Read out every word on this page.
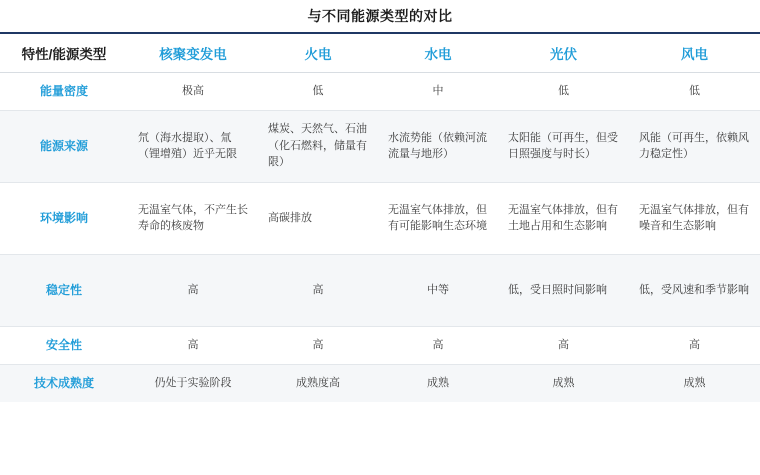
与不同能源类型的对比
特性/能源类型	核聚变发电	火电	水电	光伏	风电
能量密度	极高	低	中	低	低
能源来源	氘（海水提取）、氚（锂增殖）近乎无限	煤炭、天然气、石油（化石燃料，储量有限）	水流势能（依赖河流流量与地形）	太阳能（可再生，但受日照强度与时长）	风能（可再生，依赖风力稳定性）
环境影响	无温室气体，不产生长寿命的核废物	高碳排放	无温室气体排放，但有可能影响生态环境	无温室气体排放，但有土地占用和生态影响	无温室气体排放，但有噪音和生态影响
稳定性	高	高	中等	低，受日照时间影响	低，受风速和季节影响
安全性	高	高	高	高	高
技术成熟度	仍处于实验阶段	成熟度高	成熟	成熟	成熟
